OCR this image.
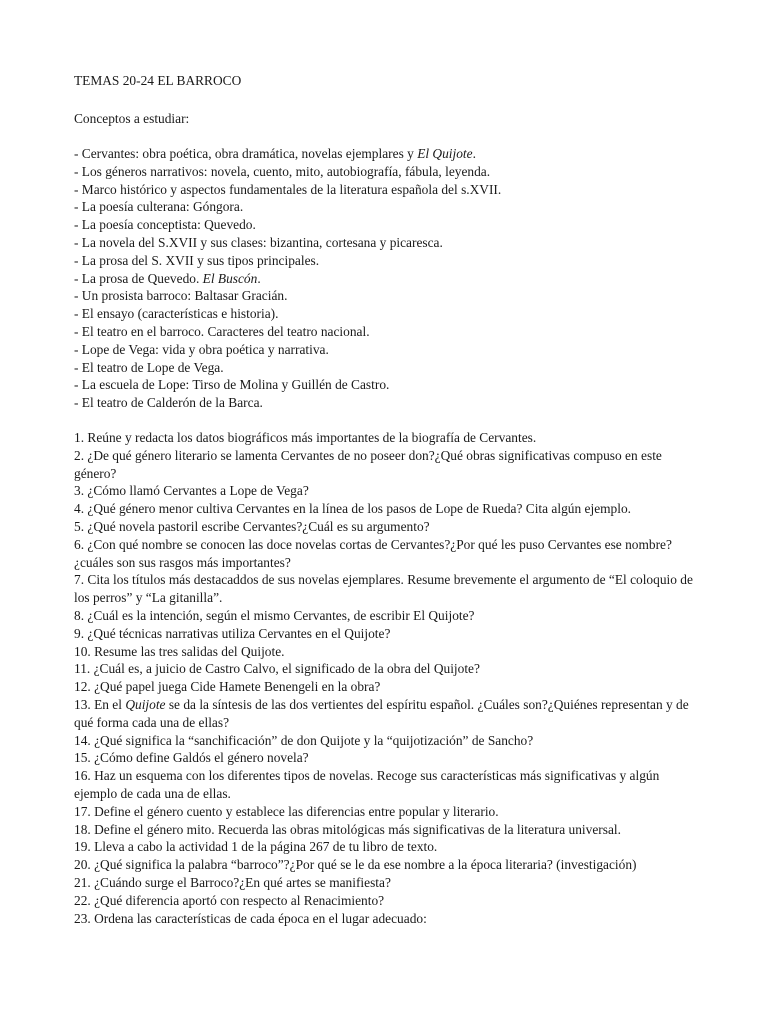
TEMAS 20-24 EL BARROCO
Conceptos a estudiar:
- Cervantes: obra poética, obra dramática, novelas ejemplares y El Quijote.
- Los géneros narrativos: novela, cuento, mito, autobiografía, fábula, leyenda.
- Marco histórico y aspectos fundamentales de la literatura española del s.XVII.
- La poesía culterana: Góngora.
- La poesía conceptista: Quevedo.
- La novela del S.XVII y sus clases: bizantina, cortesana y picaresca.
- La prosa del S. XVII y sus tipos principales.
- La prosa de Quevedo. El Buscón.
- Un prosista barroco: Baltasar Gracián.
- El ensayo (características e historia).
- El teatro en el barroco. Caracteres del teatro nacional.
- Lope de Vega: vida y obra poética y narrativa.
- El teatro de Lope de Vega.
- La escuela de Lope: Tirso de Molina y Guillén de Castro.
- El teatro de Calderón de la Barca.
1. Reúne y redacta los datos biográficos más importantes de la biografía de Cervantes.
2. ¿De qué género literario se lamenta Cervantes de no poseer don?¿Qué obras significativas compuso en este género?
3. ¿Cómo llamó Cervantes a Lope de Vega?
4. ¿Qué género menor cultiva Cervantes en la línea de los pasos de Lope de Rueda? Cita algún ejemplo.
5. ¿Qué novela pastoril escribe Cervantes?¿Cuál es su argumento?
6. ¿Con qué nombre se conocen las doce novelas cortas de Cervantes?¿Por qué les puso Cervantes ese nombre?¿cuáles son sus rasgos más importantes?
7. Cita los títulos más destacaddos de sus novelas ejemplares. Resume brevemente el argumento de “El coloquio de los perros” y “La gitanilla”.
8. ¿Cuál es la intención, según el mismo Cervantes, de escribir El Quijote?
9. ¿Qué técnicas narrativas utiliza Cervantes en el Quijote?
10. Resume las tres salidas del Quijote.
11. ¿Cuál es, a juicio de Castro Calvo, el significado de la obra del Quijote?
12. ¿Qué papel juega Cide Hamete Benengeli en la obra?
13. En el Quijote se da la síntesis de las dos vertientes del espíritu español. ¿Cuáles son?¿Quiénes representan y de qué forma cada una de ellas?
14. ¿Qué significa la “sanchificación” de don Quijote y la “quijotización” de Sancho?
15. ¿Cómo define Galdós el género novela?
16. Haz un esquema con los diferentes tipos de novelas. Recoge sus características más significativas y algún ejemplo de cada una de ellas.
17. Define el género cuento y establece las diferencias entre popular y literario.
18. Define el género mito. Recuerda las obras mitológicas más significativas de la literatura universal.
19. Lleva a cabo la actividad 1 de la página 267 de tu libro de texto.
20. ¿Qué significa la palabra “barroco”?¿Por qué se le da ese nombre a la época literaria? (investigación)
21. ¿Cuándo surge el Barroco?¿En qué artes se manifiesta?
22. ¿Qué diferencia aportó con respecto al Renacimiento?
23. Ordena las características de cada época en el lugar adecuado:
